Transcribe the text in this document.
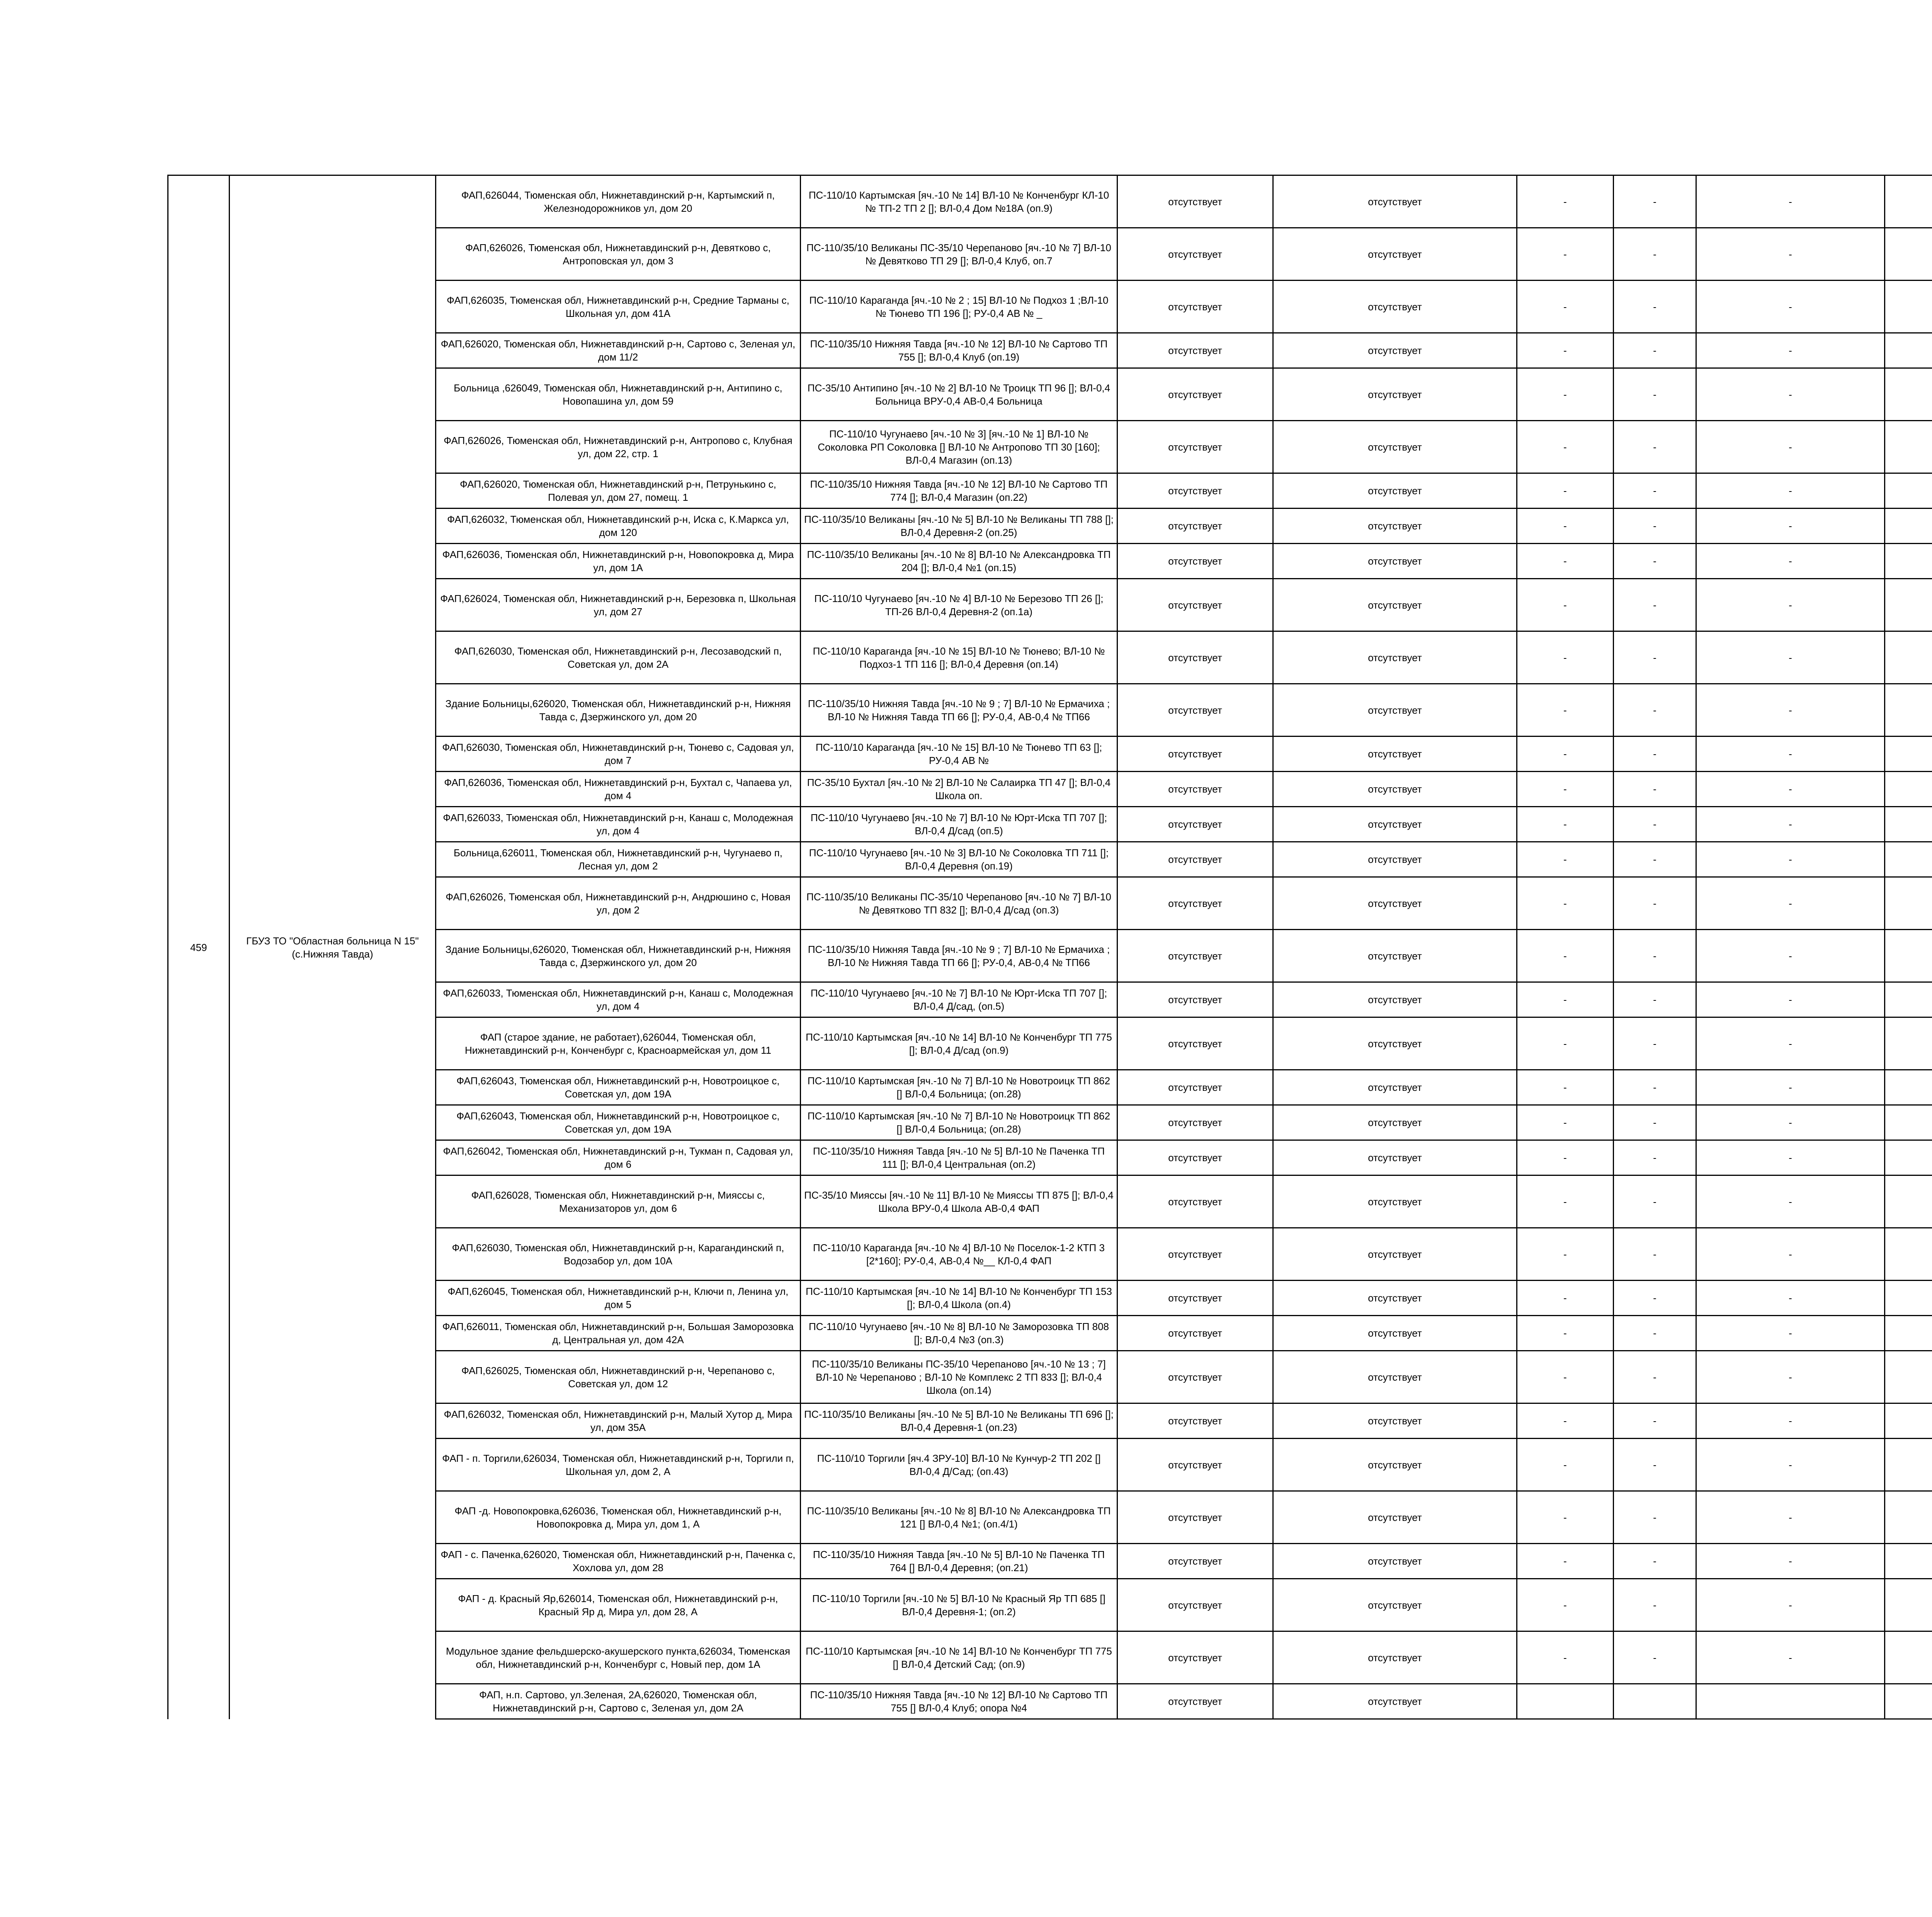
459	ГБУЗ ТО "Областная больница N 15" (с.Нижняя Тавда)	ФАП,626044, Тюменская обл, Нижнетавдинский р-н, Картымский п, Железнодорожников ул, дом 20	ПС-110/10 Картымская [яч.-10 № 14] ВЛ-10 № Конченбург КЛ-10 № ТП-2 ТП 2 []; ВЛ-0,4 Дом №18А (оп.9)	отсутствует	отсутствует	-	-	-		
		ФАП,626026, Тюменская обл, Нижнетавдинский р-н, Девятково с, Антроповская ул, дом 3	ПС-110/35/10 Великаны ПС-35/10 Черепаново [яч.-10 № 7] ВЛ-10 № Девятково ТП 29 []; ВЛ-0,4 Клуб, оп.7	отсутствует	отсутствует	-	-	-		
		ФАП,626035, Тюменская обл, Нижнетавдинский р-н, Средние Тарманы с, Школьная ул, дом 41А	ПС-110/10 Караганда [яч.-10 № 2 ; 15] ВЛ-10 № Подхоз 1 ;ВЛ-10 № Тюнево ТП 196 []; РУ-0,4 АВ № _	отсутствует	отсутствует	-	-	-		
		ФАП,626020, Тюменская обл, Нижнетавдинский р-н, Сартово с, Зеленая ул, дом 11/2	ПС-110/35/10 Нижняя Тавда [яч.-10 № 12] ВЛ-10 № Сартово ТП 755 []; ВЛ-0,4 Клуб (оп.19)	отсутствует	отсутствует	-	-	-		
		Больница ,626049, Тюменская обл, Нижнетавдинский р-н, Антипино с, Новопашина ул, дом 59	ПС-35/10 Антипино [яч.-10 № 2] ВЛ-10 № Троицк ТП 96 []; ВЛ-0,4 Больница ВРУ-0,4 АВ-0,4 Больница	отсутствует	отсутствует	-	-	-		
		ФАП,626026, Тюменская обл, Нижнетавдинский р-н, Антропово с, Клубная ул, дом 22, стр. 1	ПС-110/10 Чугунаево [яч.-10 № 3] [яч.-10 № 1] ВЛ-10 № Соколовка РП Соколовка [] ВЛ-10 № Антропово ТП 30 [160]; ВЛ-0,4 Магазин (оп.13)	отсутствует	отсутствует	-	-	-		
		ФАП,626020, Тюменская обл, Нижнетавдинский р-н, Петрунькино с, Полевая ул, дом 27, помещ. 1	ПС-110/35/10 Нижняя Тавда [яч.-10 № 12] ВЛ-10 № Сартово ТП 774 []; ВЛ-0,4 Магазин (оп.22)	отсутствует	отсутствует	-	-	-		
		ФАП,626032, Тюменская обл, Нижнетавдинский р-н, Иска с, К.Маркса ул, дом 120	ПС-110/35/10 Великаны [яч.-10 № 5] ВЛ-10 № Великаны ТП 788 []; ВЛ-0,4 Деревня-2 (оп.25)	отсутствует	отсутствует	-	-	-		
		ФАП,626036, Тюменская обл, Нижнетавдинский р-н, Новопокровка д, Мира ул, дом 1А	ПС-110/35/10 Великаны [яч.-10 № 8] ВЛ-10 № Александровка ТП 204 []; ВЛ-0,4 №1 (оп.15)	отсутствует	отсутствует	-	-	-		
		ФАП,626024, Тюменская обл, Нижнетавдинский р-н, Березовка п, Школьная ул, дом 27	ПС-110/10 Чугунаево [яч.-10 № 4] ВЛ-10 № Березово ТП 26 []; ТП-26 ВЛ-0,4 Деревня-2 (оп.1а)	отсутствует	отсутствует	-	-	-		
		ФАП,626030, Тюменская обл, Нижнетавдинский р-н, Лесозаводский п, Советская ул, дом 2А	ПС-110/10 Караганда [яч.-10 № 15] ВЛ-10 № Тюнево; ВЛ-10 № Подхоз-1 ТП 116 []; ВЛ-0,4 Деревня (оп.14)	отсутствует	отсутствует	-	-	-		
		Здание Больницы,626020, Тюменская обл, Нижнетавдинский р-н, Нижняя Тавда с, Дзержинского ул, дом 20	ПС-110/35/10 Нижняя Тавда [яч.-10 № 9 ; 7] ВЛ-10 № Ермачиха ; ВЛ-10 № Нижняя Тавда ТП 66 []; РУ-0,4, АВ-0,4 № ТП66	отсутствует	отсутствует	-	-	-		
		ФАП,626030, Тюменская обл, Нижнетавдинский р-н, Тюнево с, Садовая ул, дом 7	ПС-110/10 Караганда [яч.-10 № 15] ВЛ-10 № Тюнево ТП 63 []; РУ-0,4 АВ №	отсутствует	отсутствует	-	-	-		
		ФАП,626036, Тюменская обл, Нижнетавдинский р-н, Бухтал с, Чапаева ул, дом 4	ПС-35/10 Бухтал [яч.-10 № 2] ВЛ-10 № Салаирка ТП 47 []; ВЛ-0,4 Школа оп.	отсутствует	отсутствует	-	-	-		
		ФАП,626033, Тюменская обл, Нижнетавдинский р-н, Канаш с, Молодежная ул, дом 4	ПС-110/10 Чугунаево [яч.-10 № 7] ВЛ-10 № Юрт-Иска ТП 707 []; ВЛ-0,4 Д/сад (оп.5)	отсутствует	отсутствует	-	-	-		
		Больница,626011, Тюменская обл, Нижнетавдинский р-н, Чугунаево п, Лесная ул, дом 2	ПС-110/10 Чугунаево [яч.-10 № 3] ВЛ-10 № Соколовка ТП 711 []; ВЛ-0,4 Деревня (оп.19)	отсутствует	отсутствует	-	-	-		
		ФАП,626026, Тюменская обл, Нижнетавдинский р-н, Андрюшино с, Новая ул, дом 2	ПС-110/35/10 Великаны ПС-35/10 Черепаново [яч.-10 № 7] ВЛ-10 № Девятково ТП 832 []; ВЛ-0,4 Д/сад (оп.3)	отсутствует	отсутствует	-	-	-		
		Здание Больницы,626020, Тюменская обл, Нижнетавдинский р-н, Нижняя Тавда с, Дзержинского ул, дом 20	ПС-110/35/10 Нижняя Тавда [яч.-10 № 9 ; 7] ВЛ-10 № Ермачиха ; ВЛ-10 № Нижняя Тавда ТП 66 []; РУ-0,4, АВ-0,4 № ТП66	отсутствует	отсутствует	-	-	-		
		ФАП,626033, Тюменская обл, Нижнетавдинский р-н, Канаш с, Молодежная ул, дом 4	ПС-110/10 Чугунаево [яч.-10 № 7] ВЛ-10 № Юрт-Иска ТП 707 []; ВЛ-0,4 Д/сад, (оп.5)	отсутствует	отсутствует	-	-	-		
		ФАП (старое здание, не работает),626044, Тюменская обл, Нижнетавдинский р-н, Конченбург с, Красноармейская ул, дом 11	ПС-110/10 Картымская [яч.-10 № 14] ВЛ-10 № Конченбург ТП 775 []; ВЛ-0,4 Д/сад (оп.9)	отсутствует	отсутствует	-	-	-		
		ФАП,626043, Тюменская обл, Нижнетавдинский р-н, Новотроицкое с, Советская ул, дом 19А	ПС-110/10 Картымская [яч.-10 № 7] ВЛ-10 № Новотроицк ТП 862 [] ВЛ-0,4 Больница; (оп.28)	отсутствует	отсутствует	-	-	-		
		ФАП,626043, Тюменская обл, Нижнетавдинский р-н, Новотроицкое с, Советская ул, дом 19А	ПС-110/10 Картымская [яч.-10 № 7] ВЛ-10 № Новотроицк ТП 862 [] ВЛ-0,4 Больница; (оп.28)	отсутствует	отсутствует	-	-	-		
		ФАП,626042, Тюменская обл, Нижнетавдинский р-н, Тукман п, Садовая ул, дом 6	ПС-110/35/10 Нижняя Тавда [яч.-10 № 5] ВЛ-10 № Паченка ТП 111 []; ВЛ-0,4 Центральная (оп.2)	отсутствует	отсутствует	-	-	-		
		ФАП,626028, Тюменская обл, Нижнетавдинский р-н, Мияссы с, Механизаторов ул, дом 6	ПС-35/10 Мияссы [яч.-10 № 11] ВЛ-10 № Мияссы ТП 875 []; ВЛ-0,4 Школа ВРУ-0,4 Школа АВ-0,4 ФАП	отсутствует	отсутствует	-	-	-		
		ФАП,626030, Тюменская обл, Нижнетавдинский р-н, Карагандинский п, Водозабор ул, дом 10А	ПС-110/10 Караганда [яч.-10 № 4] ВЛ-10 № Поселок-1-2 КТП 3 [2*160]; РУ-0,4, АВ-0,4 №__ КЛ-0,4 ФАП	отсутствует	отсутствует	-	-	-		
		ФАП,626045, Тюменская обл, Нижнетавдинский р-н, Ключи п, Ленина ул, дом 5	ПС-110/10 Картымская [яч.-10 № 14] ВЛ-10 № Конченбург ТП 153 []; ВЛ-0,4 Школа (оп.4)	отсутствует	отсутствует	-	-	-		
		ФАП,626011, Тюменская обл, Нижнетавдинский р-н, Большая Заморозовка д, Центральная ул, дом 42А	ПС-110/10 Чугунаево [яч.-10 № 8] ВЛ-10 № Заморозовка ТП 808 []; ВЛ-0,4 №3 (оп.3)	отсутствует	отсутствует	-	-	-		
		ФАП,626025, Тюменская обл, Нижнетавдинский р-н, Черепаново с, Советская ул, дом 12	ПС-110/35/10 Великаны ПС-35/10 Черепаново [яч.-10 № 13 ; 7] ВЛ-10 № Черепаново ; ВЛ-10 № Комплекс 2 ТП 833 []; ВЛ-0,4 Школа (оп.14)	отсутствует	отсутствует	-	-	-		
		ФАП,626032, Тюменская обл, Нижнетавдинский р-н, Малый Хутор д, Мира ул, дом 35А	ПС-110/35/10 Великаны [яч.-10 № 5] ВЛ-10 № Великаны ТП 696 []; ВЛ-0,4 Деревня-1 (оп.23)	отсутствует	отсутствует	-	-	-		
		ФАП - п. Торгили,626034, Тюменская обл, Нижнетавдинский р-н, Торгили п, Школьная ул, дом 2, А	ПС-110/10 Торгили [яч.4 ЗРУ-10] ВЛ-10 № Кунчур-2 ТП 202 [] ВЛ-0,4 Д/Сад; (оп.43)	отсутствует	отсутствует	-	-	-		
		ФАП -д. Новопокровка,626036, Тюменская обл, Нижнетавдинский р-н, Новопокровка д, Мира ул, дом 1, А	ПС-110/35/10 Великаны [яч.-10 № 8] ВЛ-10 № Александровка ТП 121 [] ВЛ-0,4 №1; (оп.4/1)	отсутствует	отсутствует	-	-	-		
		ФАП - с. Паченка,626020, Тюменская обл, Нижнетавдинский р-н, Паченка с, Хохлова ул, дом 28	ПС-110/35/10 Нижняя Тавда [яч.-10 № 5] ВЛ-10 № Паченка ТП 764 [] ВЛ-0,4 Деревня; (оп.21)	отсутствует	отсутствует	-	-	-		
		ФАП - д. Красный Яр,626014, Тюменская обл, Нижнетавдинский р-н, Красный Яр д, Мира ул, дом 28, А	ПС-110/10 Торгили [яч.-10 № 5] ВЛ-10 № Красный Яр ТП 685 [] ВЛ-0,4 Деревня-1; (оп.2)	отсутствует	отсутствует	-	-	-		
		Модульное здание фельдшерско-акушерского пункта,626034, Тюменская обл, Нижнетавдинский р-н, Конченбург с, Новый пер, дом 1А	ПС-110/10 Картымская [яч.-10 № 14] ВЛ-10 № Конченбург ТП 775 [] ВЛ-0,4 Детский Сад; (оп.9)	отсутствует	отсутствует	-	-	-		
		ФАП, н.п. Сартово, ул.Зеленая, 2А,626020, Тюменская обл, Нижнетавдинский р-н, Сартово с, Зеленая ул, дом 2А	ПС-110/35/10 Нижняя Тавда [яч.-10 № 12] ВЛ-10 № Сартово ТП 755 [] ВЛ-0,4 Клуб; опора №4	отсутствует	отсутствует					
